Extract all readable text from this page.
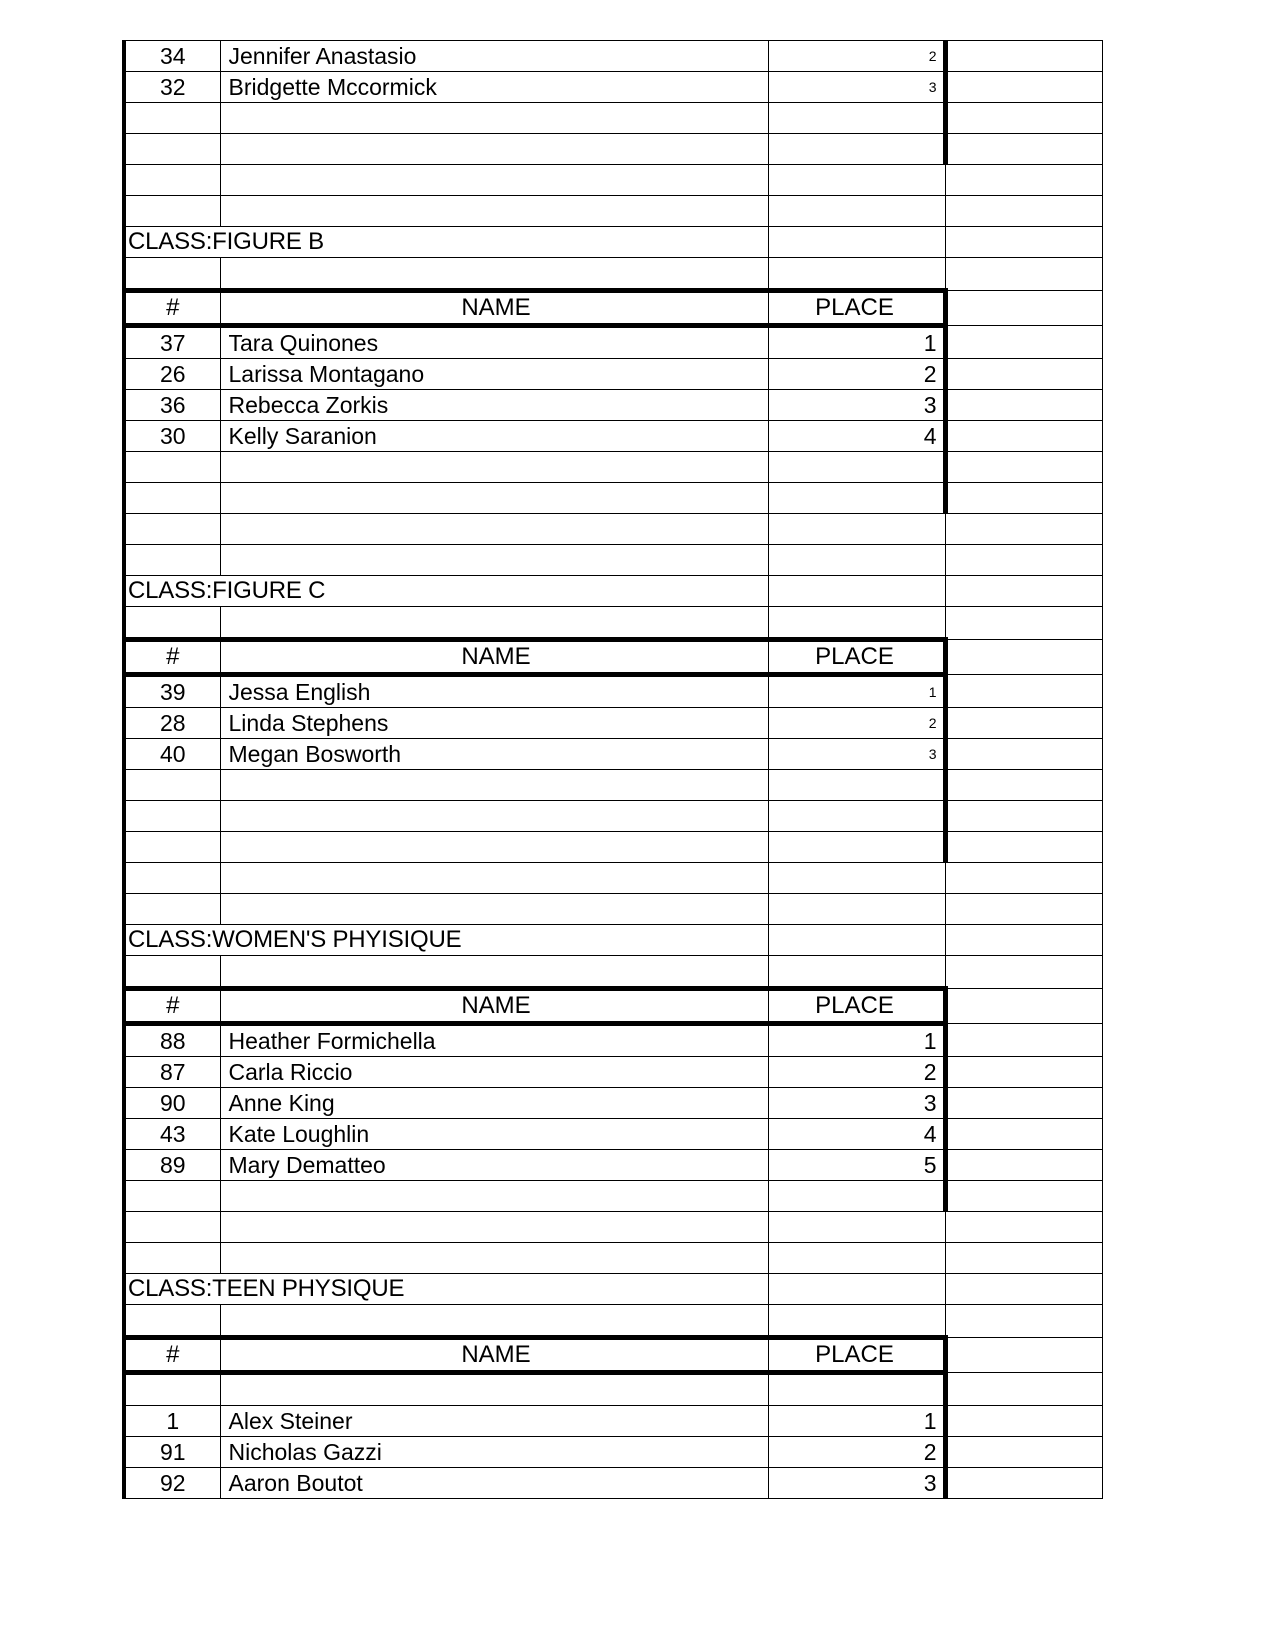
34	Jennifer Anastasio	2	
32	Bridgette Mccormick	3	

CLASS:FIGURE B			

#	NAME	PLACE	
37	Tara Quinones	1	
26	Larissa Montagano	2	
36	Rebecca Zorkis	3	
30	Kelly Saranion	4	

CLASS:FIGURE C			

#	NAME	PLACE	
39	Jessa English	1	
28	Linda Stephens	2	
40	Megan Bosworth	3	

CLASS:WOMEN'S PHYISIQUE			

#	NAME	PLACE	
88	Heather Formichella	1	
87	Carla Riccio	2	
90	Anne King	3	
43	Kate Loughlin	4	
89	Mary Dematteo	5	

CLASS:TEEN PHYSIQUE			

#	NAME	PLACE	

1	Alex Steiner	1	
91	Nicholas Gazzi	2	
92	Aaron Boutot	3	
